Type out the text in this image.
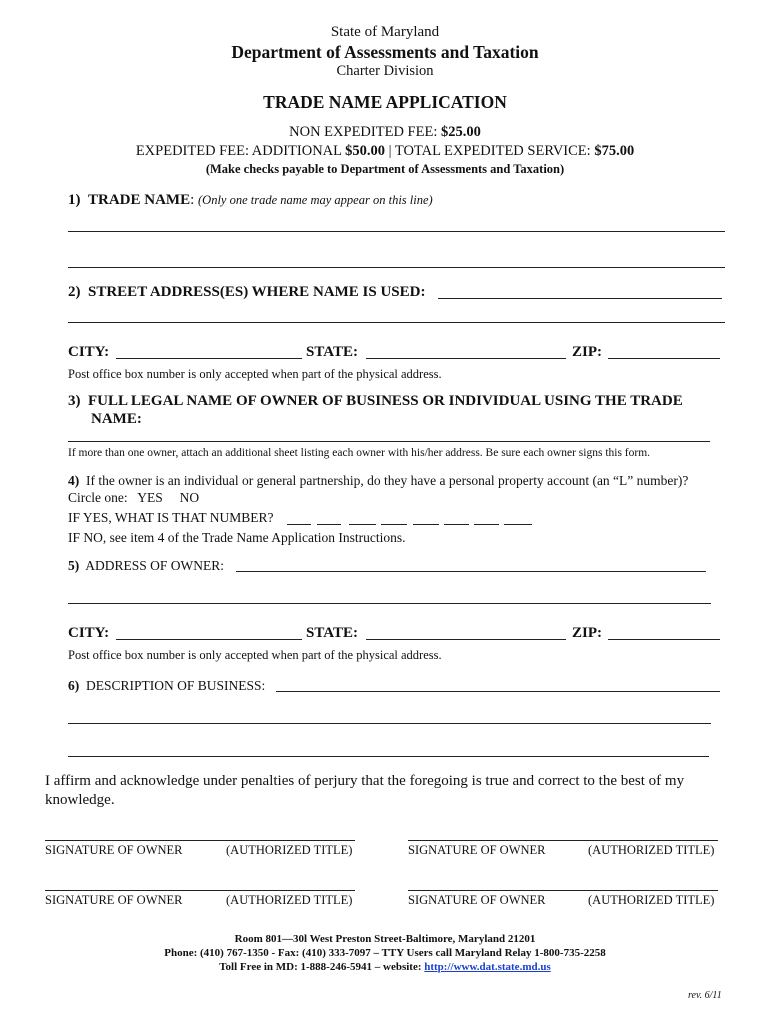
State of Maryland
Department of Assessments and Taxation
Charter Division
TRADE NAME APPLICATION
NON EXPEDITED FEE: $25.00
EXPEDITED FEE: ADDITIONAL $50.00 | TOTAL EXPEDITED SERVICE: $75.00
(Make checks payable to Department of Assessments and Taxation)
1) TRADE NAME: (Only one trade name may appear on this line)
2) STREET ADDRESS(ES) WHERE NAME IS USED:
CITY:	STATE:	ZIP:
Post office box number is only accepted when part of the physical address.
3) FULL LEGAL NAME OF OWNER OF BUSINESS OR INDIVIDUAL USING THE TRADE
NAME:
If more than one owner, attach an additional sheet listing each owner with his/her address. Be sure each owner signs this form.
4) If the owner is an individual or general partnership, do they have a personal property account (an “L” number)?
Circle one: YES NO
IF YES, WHAT IS THAT NUMBER?
IF NO, see item 4 of the Trade Name Application Instructions.
5) ADDRESS OF OWNER:
CITY:	STATE:	ZIP:
Post office box number is only accepted when part of the physical address.
6) DESCRIPTION OF BUSINESS:
I affirm and acknowledge under penalties of perjury that the foregoing is true and correct to the best of my knowledge.
SIGNATURE OF OWNER	(AUTHORIZED TITLE)	SIGNATURE OF OWNER	(AUTHORIZED TITLE)
SIGNATURE OF OWNER	(AUTHORIZED TITLE)	SIGNATURE OF OWNER	(AUTHORIZED TITLE)
Room 801—30l West Preston Street-Baltimore, Maryland 21201
Phone: (410) 767-1350 - Fax: (410) 333-7097 – TTY Users call Maryland Relay 1-800-735-2258
Toll Free in MD: 1-888-246-5941 – website: http://www.dat.state.md.us
rev. 6/11
